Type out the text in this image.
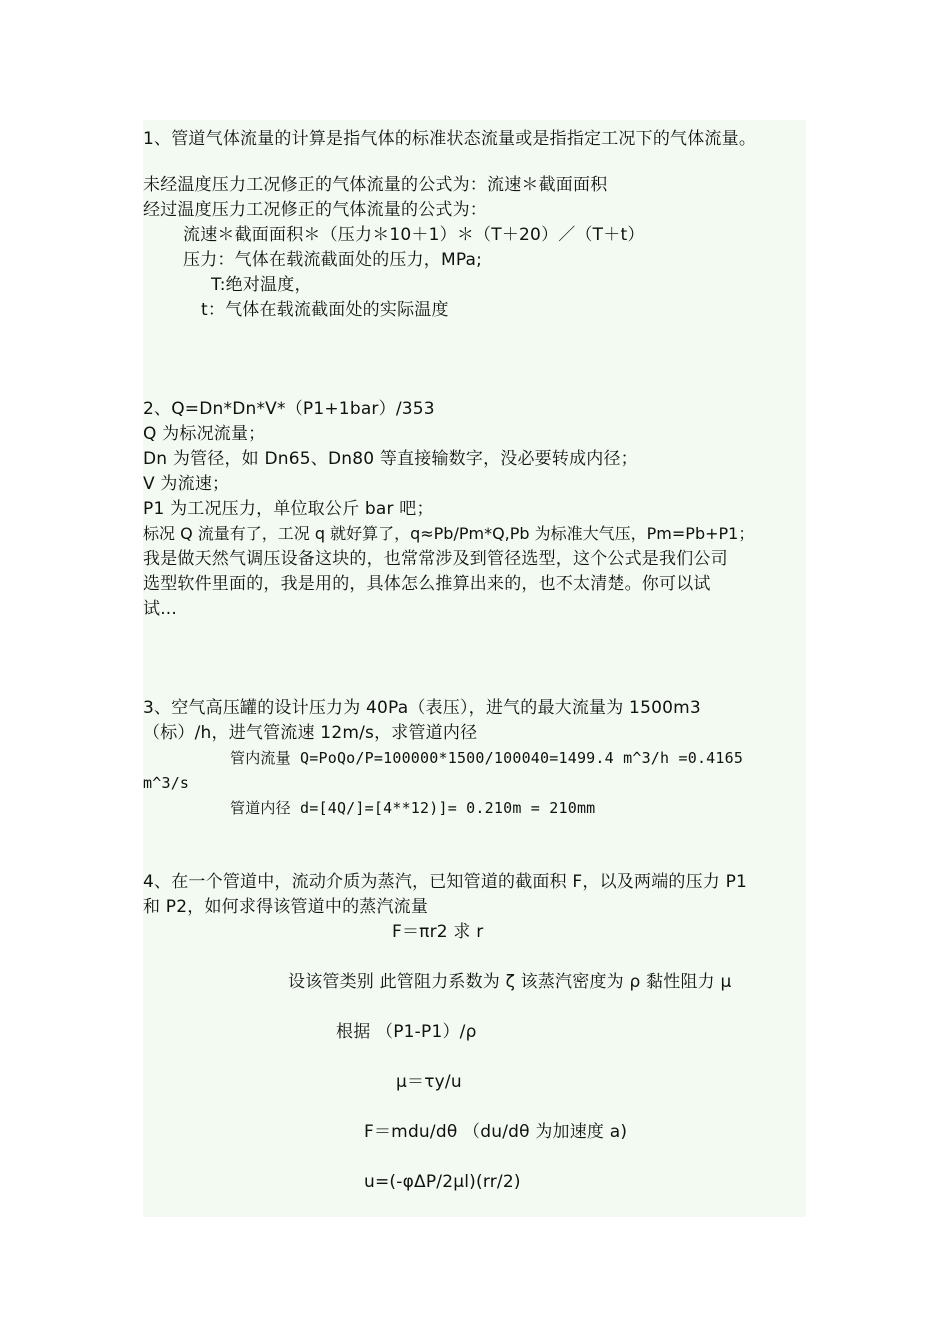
1、管道气体流量的计算是指气体的标准状态流量或是指指定工况下的气体流量。
未经温度压力工况修正的气体流量的公式为：流速＊截面面积
经过温度压力工况修正的气体流量的公式为：
流速＊截面面积＊（压力＊10＋1）＊（T＋20）／（T＋t）
压力：气体在载流截面处的压力，MPa;
T:绝对温度，
t：气体在载流截面处的实际温度
2、Q=Dn*Dn*V*（P1+1bar）/353
Q 为标况流量；
Dn 为管径，如 Dn65、Dn80 等直接输数字，没必要转成内径；
V 为流速；
P1 为工况压力，单位取公斤 bar 吧；
标况 Q 流量有了，工况 q 就好算了，q≈Pb/Pm*Q,Pb 为标准大气压，Pm=Pb+P1；
我是做天然气调压设备这块的，也常常涉及到管径选型，这个公式是我们公司
选型软件里面的，我是用的，具体怎么推算出来的，也不太清楚。你可以试
试...
3、空气高压罐的设计压力为 40Pa（表压），进气的最大流量为 1500m3
（标）/h，进气管流速 12m/s，求管道内径
管内流量 Q=PoQo/P=100000*1500/100040=1499.4 m^3/h =0.4165
m^3/s
管道内径 d=[4Q/]=[4**12)]= 0.210m = 210mm
4、在一个管道中，流动介质为蒸汽，已知管道的截面积 F，以及两端的压力 P1
和 P2，如何求得该管道中的蒸汽流量
F＝πr2 求 r
设该管类别 此管阻力系数为 ζ 该蒸汽密度为 ρ 黏性阻力 μ
根据 （P1-P1）/ρ
μ＝τy/u
F＝mdu/dθ （du/dθ 为加速度 a)
u=(-φΔP/2μl)(rr/2)
